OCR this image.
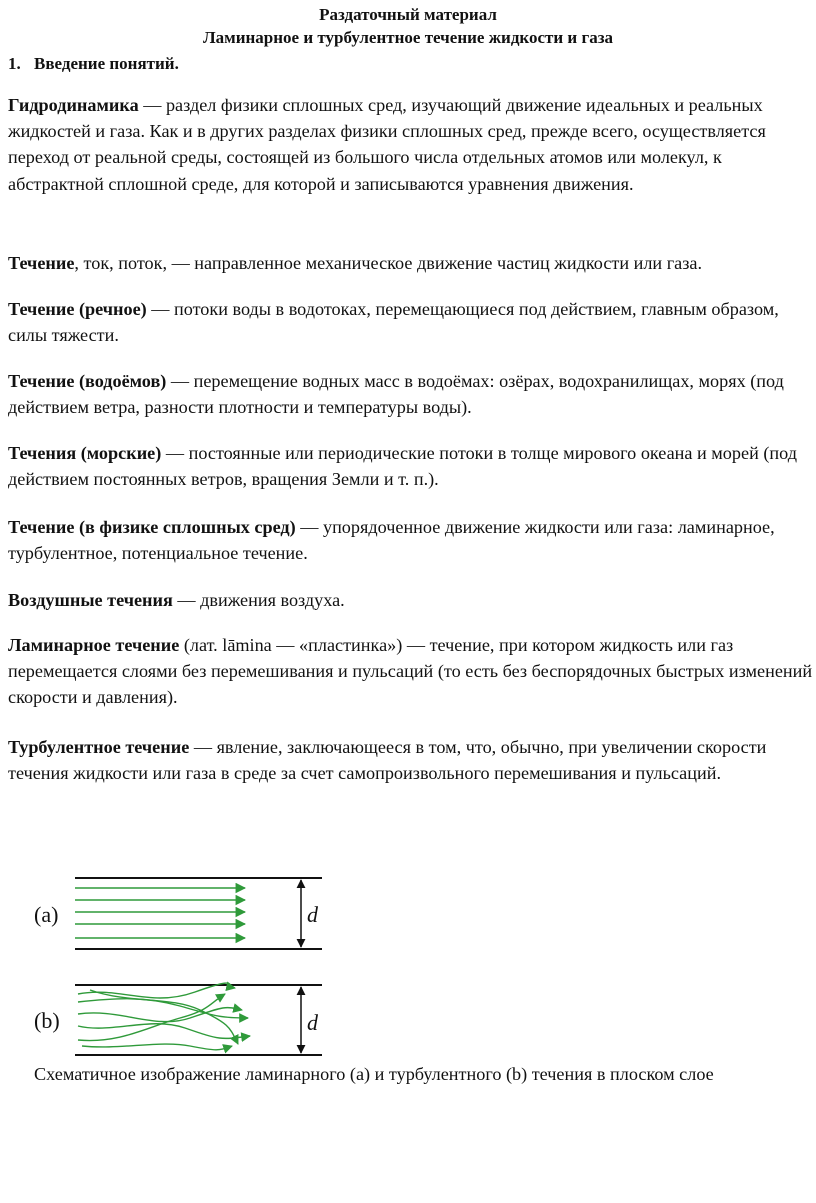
Раздаточный материал
Ламинарное и турбулентное течение жидкости и газа
1. Введение понятий.

Гидродинамика — раздел физики сплошных сред, изучающий движение идеальных и реальных жидкостей и газа. Как и в других разделах физики сплошных сред, прежде всего, осуществляется переход от реальной среды, состоящей из большого числа отдельных атомов или молекул, к абстрактной сплошной среде, для которой и записываются уравнения движения.

Течение, ток, поток, — направленное механическое движение частиц жидкости или газа.

Течение (речное) — потоки воды в водотоках, перемещающиеся под действием, главным образом, силы тяжести.

Течение (водоёмов) — перемещение водных масс в водоёмах: озёрах, водохранилищах, морях (под действием ветра, разности плотности и температуры воды).

Течения (морские) — постоянные или периодические потоки в толще мирового океана и морей (под действием постоянных ветров, вращения Земли и т. п.).

Течение (в физике сплошных сред) — упорядоченное движение жидкости или газа: ламинарное, турбулентное, потенциальное течение.

Воздушные течения — движения воздуха.

Ламинарное течение (лат. lāmina — «пластинка») — течение, при котором жидкость или газ перемещается слоями без перемешивания и пульсаций (то есть без беспорядочных быстрых изменений скорости и давления).

Турбулентное течение — явление, заключающееся в том, что, обычно, при увеличении скорости течения жидкости или газа в среде за счет самопроизвольного перемешивания и пульсаций.

(a)	d
(b)	d

Схематичное изображение ламинарного (a) и турбулентного (b) течения в плоском слое
